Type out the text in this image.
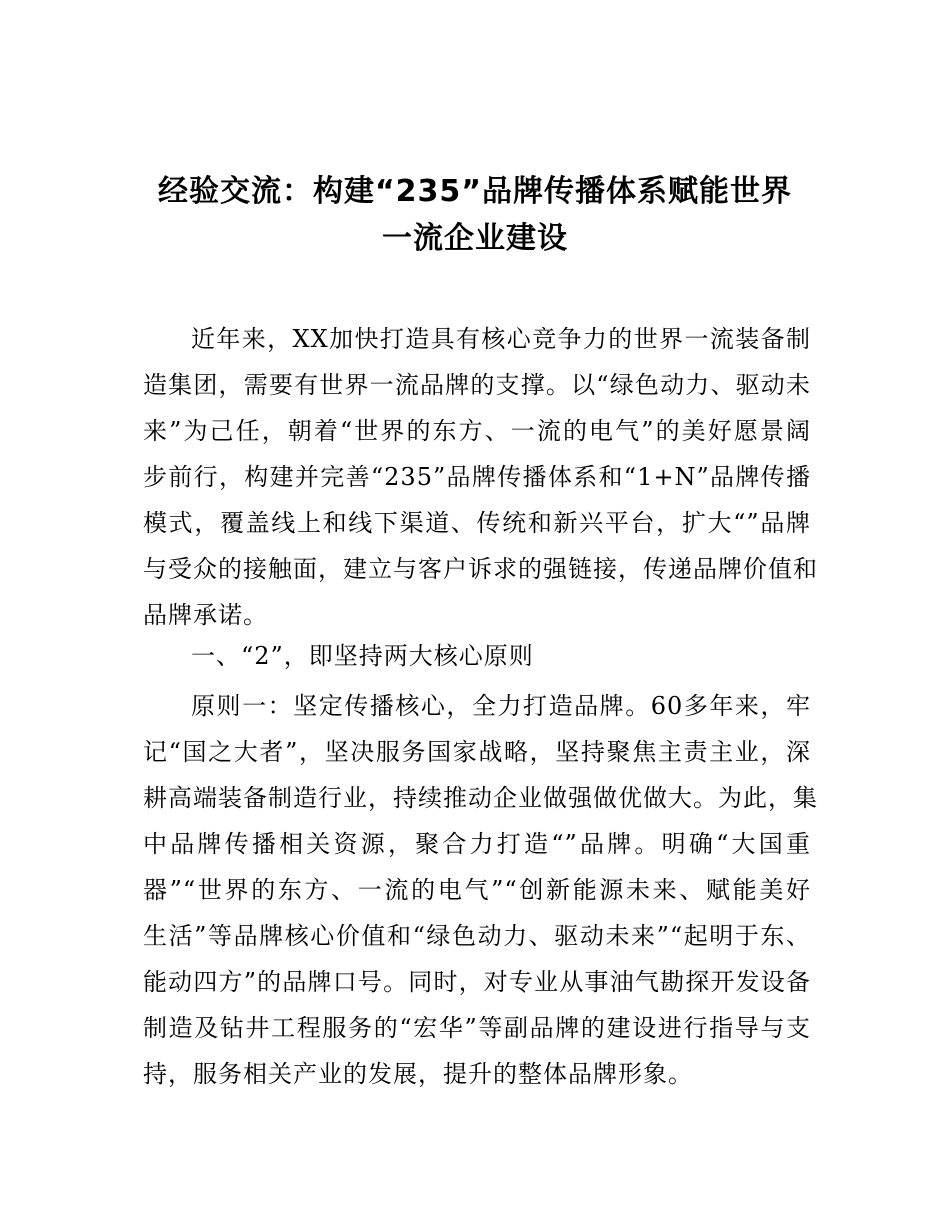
经验交流：构建“235”品牌传播体系赋能世界
一流企业建设
近年来，XX加快打造具有核心竞争力的世界一流装备制
造集团，需要有世界一流品牌的支撑。以“绿色动力、驱动未
来”为己任，朝着“世界的东方、一流的电气”的美好愿景阔
步前行，构建并完善“235”品牌传播体系和“1+N”品牌传播
模式，覆盖线上和线下渠道、传统和新兴平台，扩大“”品牌
与受众的接触面，建立与客户诉求的强链接，传递品牌价值和
品牌承诺。
一、“2”，即坚持两大核心原则
原则一：坚定传播核心，全力打造品牌。60多年来，牢
记“国之大者”，坚决服务国家战略，坚持聚焦主责主业，深
耕高端装备制造行业，持续推动企业做强做优做大。为此，集
中品牌传播相关资源，聚合力打造“”品牌。明确“大国重
器”“世界的东方、一流的电气”“创新能源未来、赋能美好
生活”等品牌核心价值和“绿色动力、驱动未来”“起明于东、
能动四方”的品牌口号。同时，对专业从事油气勘探开发设备
制造及钻井工程服务的“宏华”等副品牌的建设进行指导与支
持，服务相关产业的发展，提升的整体品牌形象。
